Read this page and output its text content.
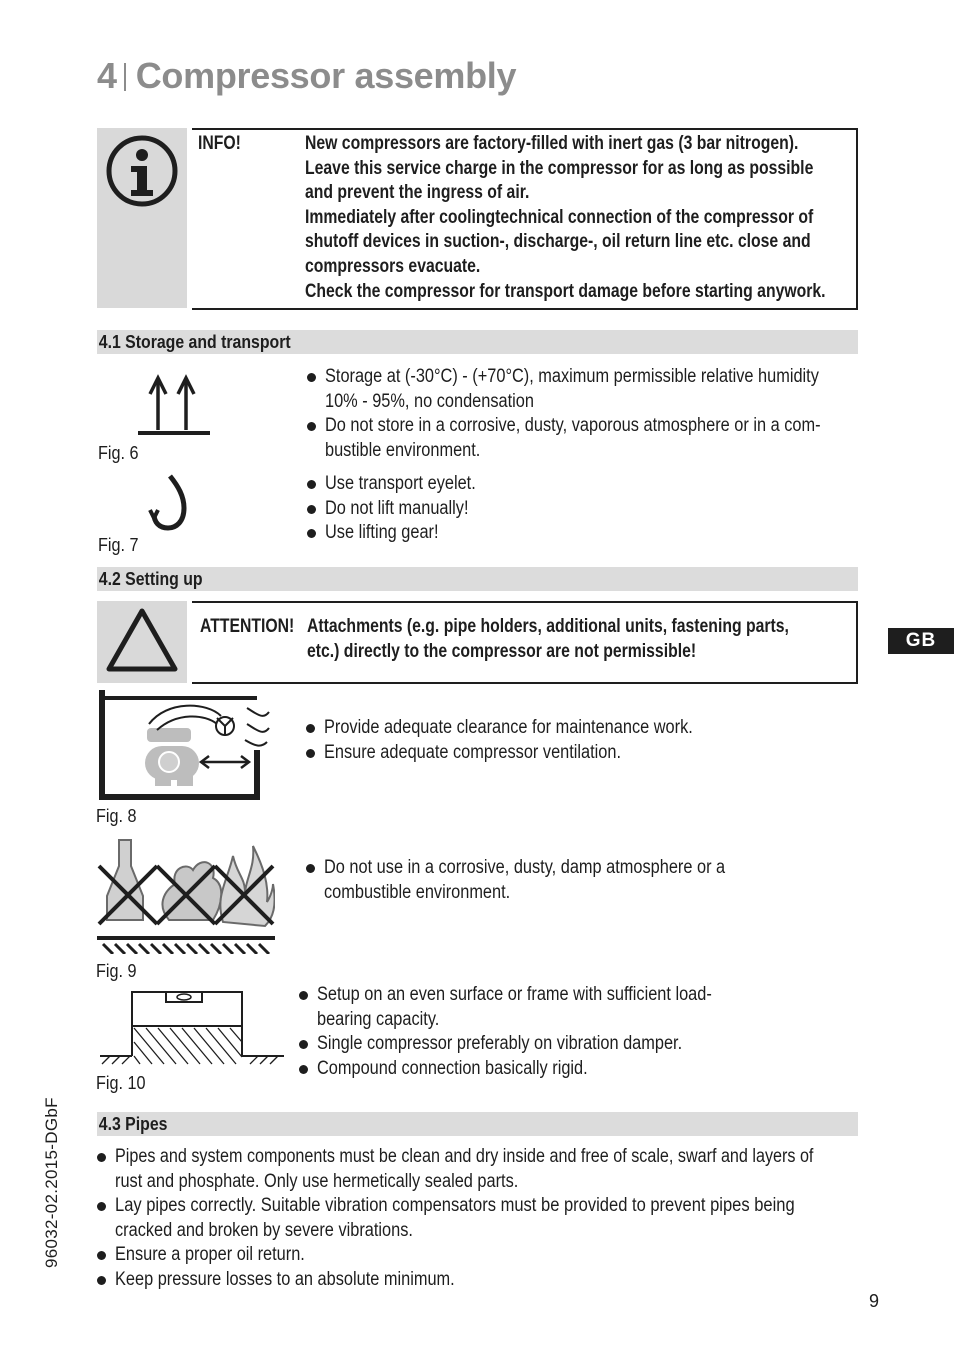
4 Compressor assembly
INFO!	New compressors are factory-filled with inert gas (3 bar nitrogen).
Leave this service charge in the compressor for as long as possible
and prevent the ingress of air.
Immediately after coolingtechnical connection of the compressor of
shutoff devices in suction-, discharge-, oil return line etc. close and
compressors evacuate.
Check the compressor for transport damage before starting anywork.
4.1 Storage and transport
Fig. 6
Fig. 7
Storage at (-30°C) - (+70°C), maximum permissible relative humidity
10% - 95%, no condensation
Do not store in a corrosive, dusty, vaporous atmosphere or in a com-
bustible environment.
Use transport eyelet.
Do not lift manually!
Use lifting gear!
4.2 Setting up
ATTENTION! Attachments (e.g. pipe holders, additional units, fastening parts,
etc.) directly to the compressor are not permissible!
GB
Fig. 8
Provide adequate clearance for maintenance work.
Ensure adequate compressor ventilation.
Fig. 9
Do not use in a corrosive, dusty, damp atmosphere or a
combustible environment.
Fig. 10
Setup on an even surface or frame with sufficient load-
bearing capacity.
Single compressor preferably on vibration damper.
Compound connection basically rigid.
4.3 Pipes
Pipes and system components must be clean and dry inside and free of scale, swarf and layers of
rust and phosphate. Only use hermetically sealed parts.
Lay pipes correctly. Suitable vibration compensators must be provided to prevent pipes being
cracked and broken by severe vibrations.
Ensure a proper oil return.
Keep pressure losses to an absolute minimum.
96032-02.2015-DGbF
9
